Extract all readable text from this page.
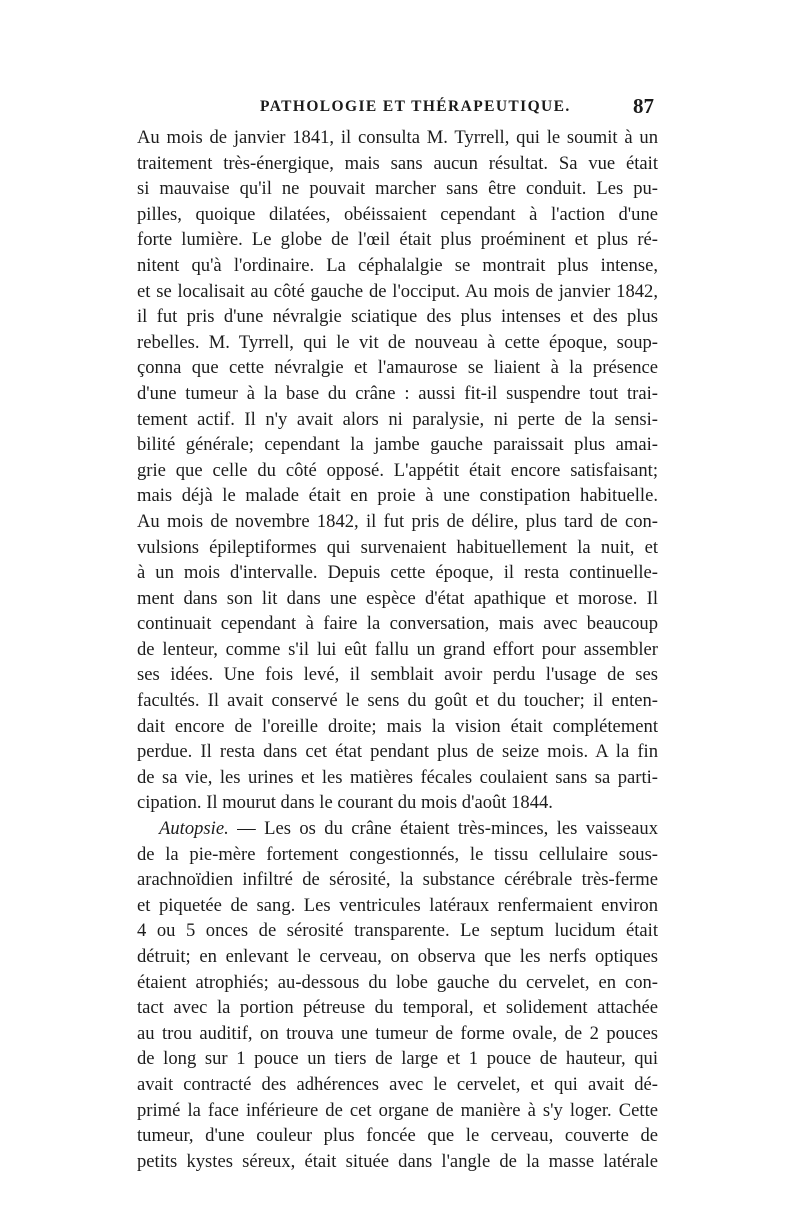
PATHOLOGIE ET THÉRAPEUTIQUE.	87
Au mois de janvier 1841, il consulta M. Tyrrell, qui le soumit à un
traitement très-énergique, mais sans aucun résultat. Sa vue était
si mauvaise qu'il ne pouvait marcher sans être conduit. Les pu-
pilles, quoique dilatées, obéissaient cependant à l'action d'une
forte lumière. Le globe de l'œil était plus proéminent et plus ré-
nitent qu'à l'ordinaire. La céphalalgie se montrait plus intense,
et se localisait au côté gauche de l'occiput. Au mois de janvier 1842,
il fut pris d'une névralgie sciatique des plus intenses et des plus
rebelles. M. Tyrrell, qui le vit de nouveau à cette époque, soup-
çonna que cette névralgie et l'amaurose se liaient à la présence
d'une tumeur à la base du crâne : aussi fit-il suspendre tout trai-
tement actif. Il n'y avait alors ni paralysie, ni perte de la sensi-
bilité générale; cependant la jambe gauche paraissait plus amai-
grie que celle du côté opposé. L'appétit était encore satisfaisant;
mais déjà le malade était en proie à une constipation habituelle.
Au mois de novembre 1842, il fut pris de délire, plus tard de con-
vulsions épileptiformes qui survenaient habituellement la nuit, et
à un mois d'intervalle. Depuis cette époque, il resta continuelle-
ment dans son lit dans une espèce d'état apathique et morose. Il
continuait cependant à faire la conversation, mais avec beaucoup
de lenteur, comme s'il lui eût fallu un grand effort pour assembler
ses idées. Une fois levé, il semblait avoir perdu l'usage de ses
facultés. Il avait conservé le sens du goût et du toucher; il enten-
dait encore de l'oreille droite; mais la vision était complétement
perdue. Il resta dans cet état pendant plus de seize mois. A la fin
de sa vie, les urines et les matières fécales coulaient sans sa parti-
cipation. Il mourut dans le courant du mois d'août 1844.
Autopsie. — Les os du crâne étaient très-minces, les vaisseaux
de la pie-mère fortement congestionnés, le tissu cellulaire sous-
arachnoïdien infiltré de sérosité, la substance cérébrale très-ferme
et piquetée de sang. Les ventricules latéraux renfermaient environ
4 ou 5 onces de sérosité transparente. Le septum lucidum était
détruit; en enlevant le cerveau, on observa que les nerfs optiques
étaient atrophiés; au-dessous du lobe gauche du cervelet, en con-
tact avec la portion pétreuse du temporal, et solidement attachée
au trou auditif, on trouva une tumeur de forme ovale, de 2 pouces
de long sur 1 pouce un tiers de large et 1 pouce de hauteur, qui
avait contracté des adhérences avec le cervelet, et qui avait dé-
primé la face inférieure de cet organe de manière à s'y loger. Cette
tumeur, d'une couleur plus foncée que le cerveau, couverte de
petits kystes séreux, était située dans l'angle de la masse latérale
